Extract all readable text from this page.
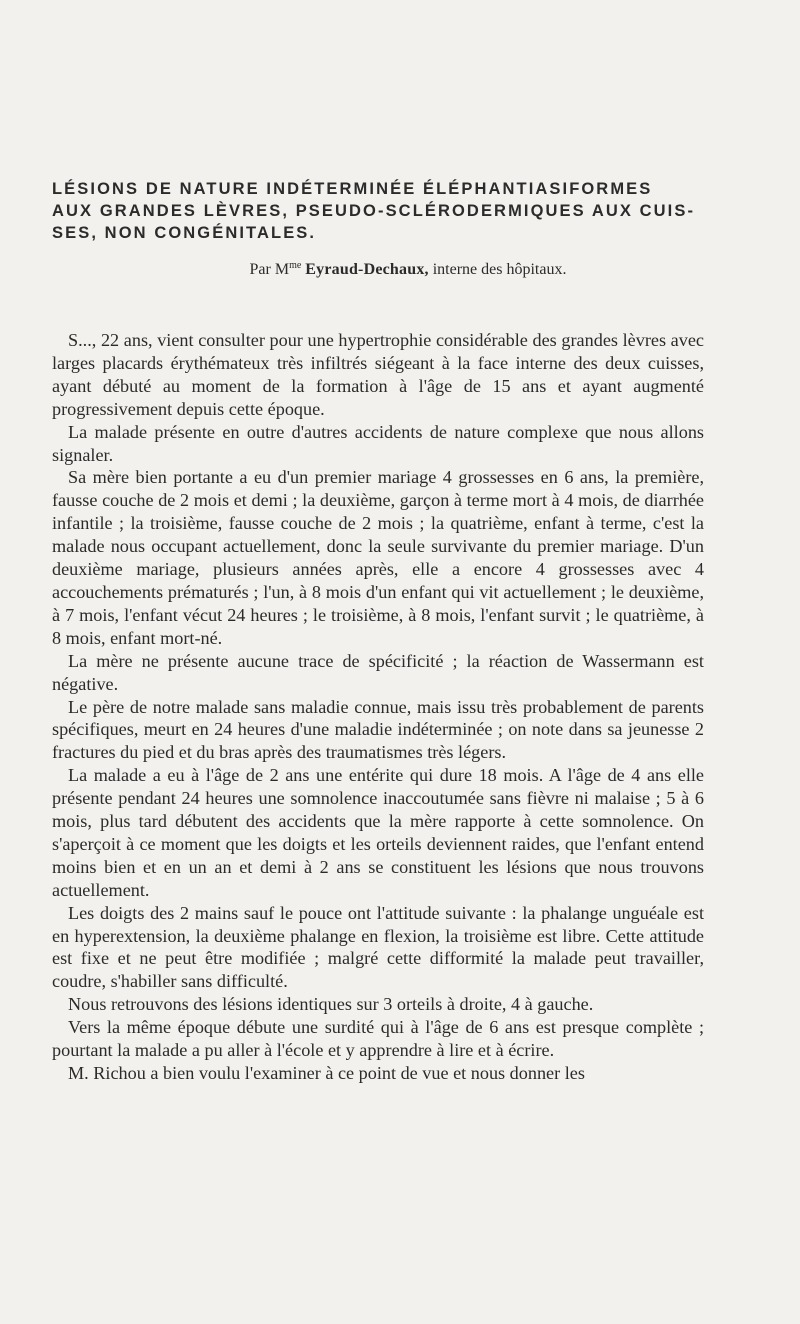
LÉSIONS DE NATURE INDÉTERMINÉE ÉLÉPHANTIASIFORMES
AUX GRANDES LÈVRES, PSEUDO-SCLÉRODERMIQUES AUX CUIS-
SES, NON CONGÉNITALES.
Par $M^{me}$ Eyraud-Dechaux, interne des hôpitaux.

S..., 22 ans, vient consulter pour une hypertrophie considérable des grandes lèvres avec larges placards érythémateux très infiltrés siégeant à la face interne des deux cuisses, ayant débuté au moment de la formation à l'âge de 15 ans et ayant augmenté progressivement depuis cette époque.

La malade présente en outre d'autres accidents de nature complexe que nous allons signaler.

Sa mère bien portante a eu d'un premier mariage 4 grossesses en 6 ans, la première, fausse couche de 2 mois et demi ; la deuxième, garçon à terme mort à 4 mois, de diarrhée infantile ; la troisième, fausse couche de 2 mois ; la quatrième, enfant à terme, c'est la malade nous occupant actuellement, donc la seule survivante du premier mariage. D'un deuxième mariage, plusieurs années après, elle a encore 4 grossesses avec 4 accouchements prématurés ; l'un, à 8 mois d'un enfant qui vit actuellement ; le deuxième, à 7 mois, l'enfant vécut 24 heures ; le troisième, à 8 mois, l'enfant survit ; le quatrième, à 8 mois, enfant mort-né.

La mère ne présente aucune trace de spécificité ; la réaction de Wassermann est négative.

Le père de notre malade sans maladie connue, mais issu très probablement de parents spécifiques, meurt en 24 heures d'une maladie indéterminée ; on note dans sa jeunesse 2 fractures du pied et du bras après des traumatismes très légers.

La malade a eu à l'âge de 2 ans une entérite qui dure 18 mois. A l'âge de 4 ans elle présente pendant 24 heures une somnolence inaccoutumée sans fièvre ni malaise ; 5 à 6 mois, plus tard débutent des accidents que la mère rapporte à cette somnolence. On s'aperçoit à ce moment que les doigts et les orteils deviennent raides, que l'enfant entend moins bien et en un an et demi à 2 ans se constituent les lésions que nous trouvons actuellement.

Les doigts des 2 mains sauf le pouce ont l'attitude suivante : la phalange unguéale est en hyperextension, la deuxième phalange en flexion, la troisième est libre. Cette attitude est fixe et ne peut être modifiée ; malgré cette difformité la malade peut travailler, coudre, s'habiller sans difficulté.

Nous retrouvons des lésions identiques sur 3 orteils à droite, 4 à gauche.

Vers la même époque débute une surdité qui à l'âge de 6 ans est presque complète ; pourtant la malade a pu aller à l'école et y apprendre à lire et à écrire.

M. Richou a bien voulu l'examiner à ce point de vue et nous donner les
